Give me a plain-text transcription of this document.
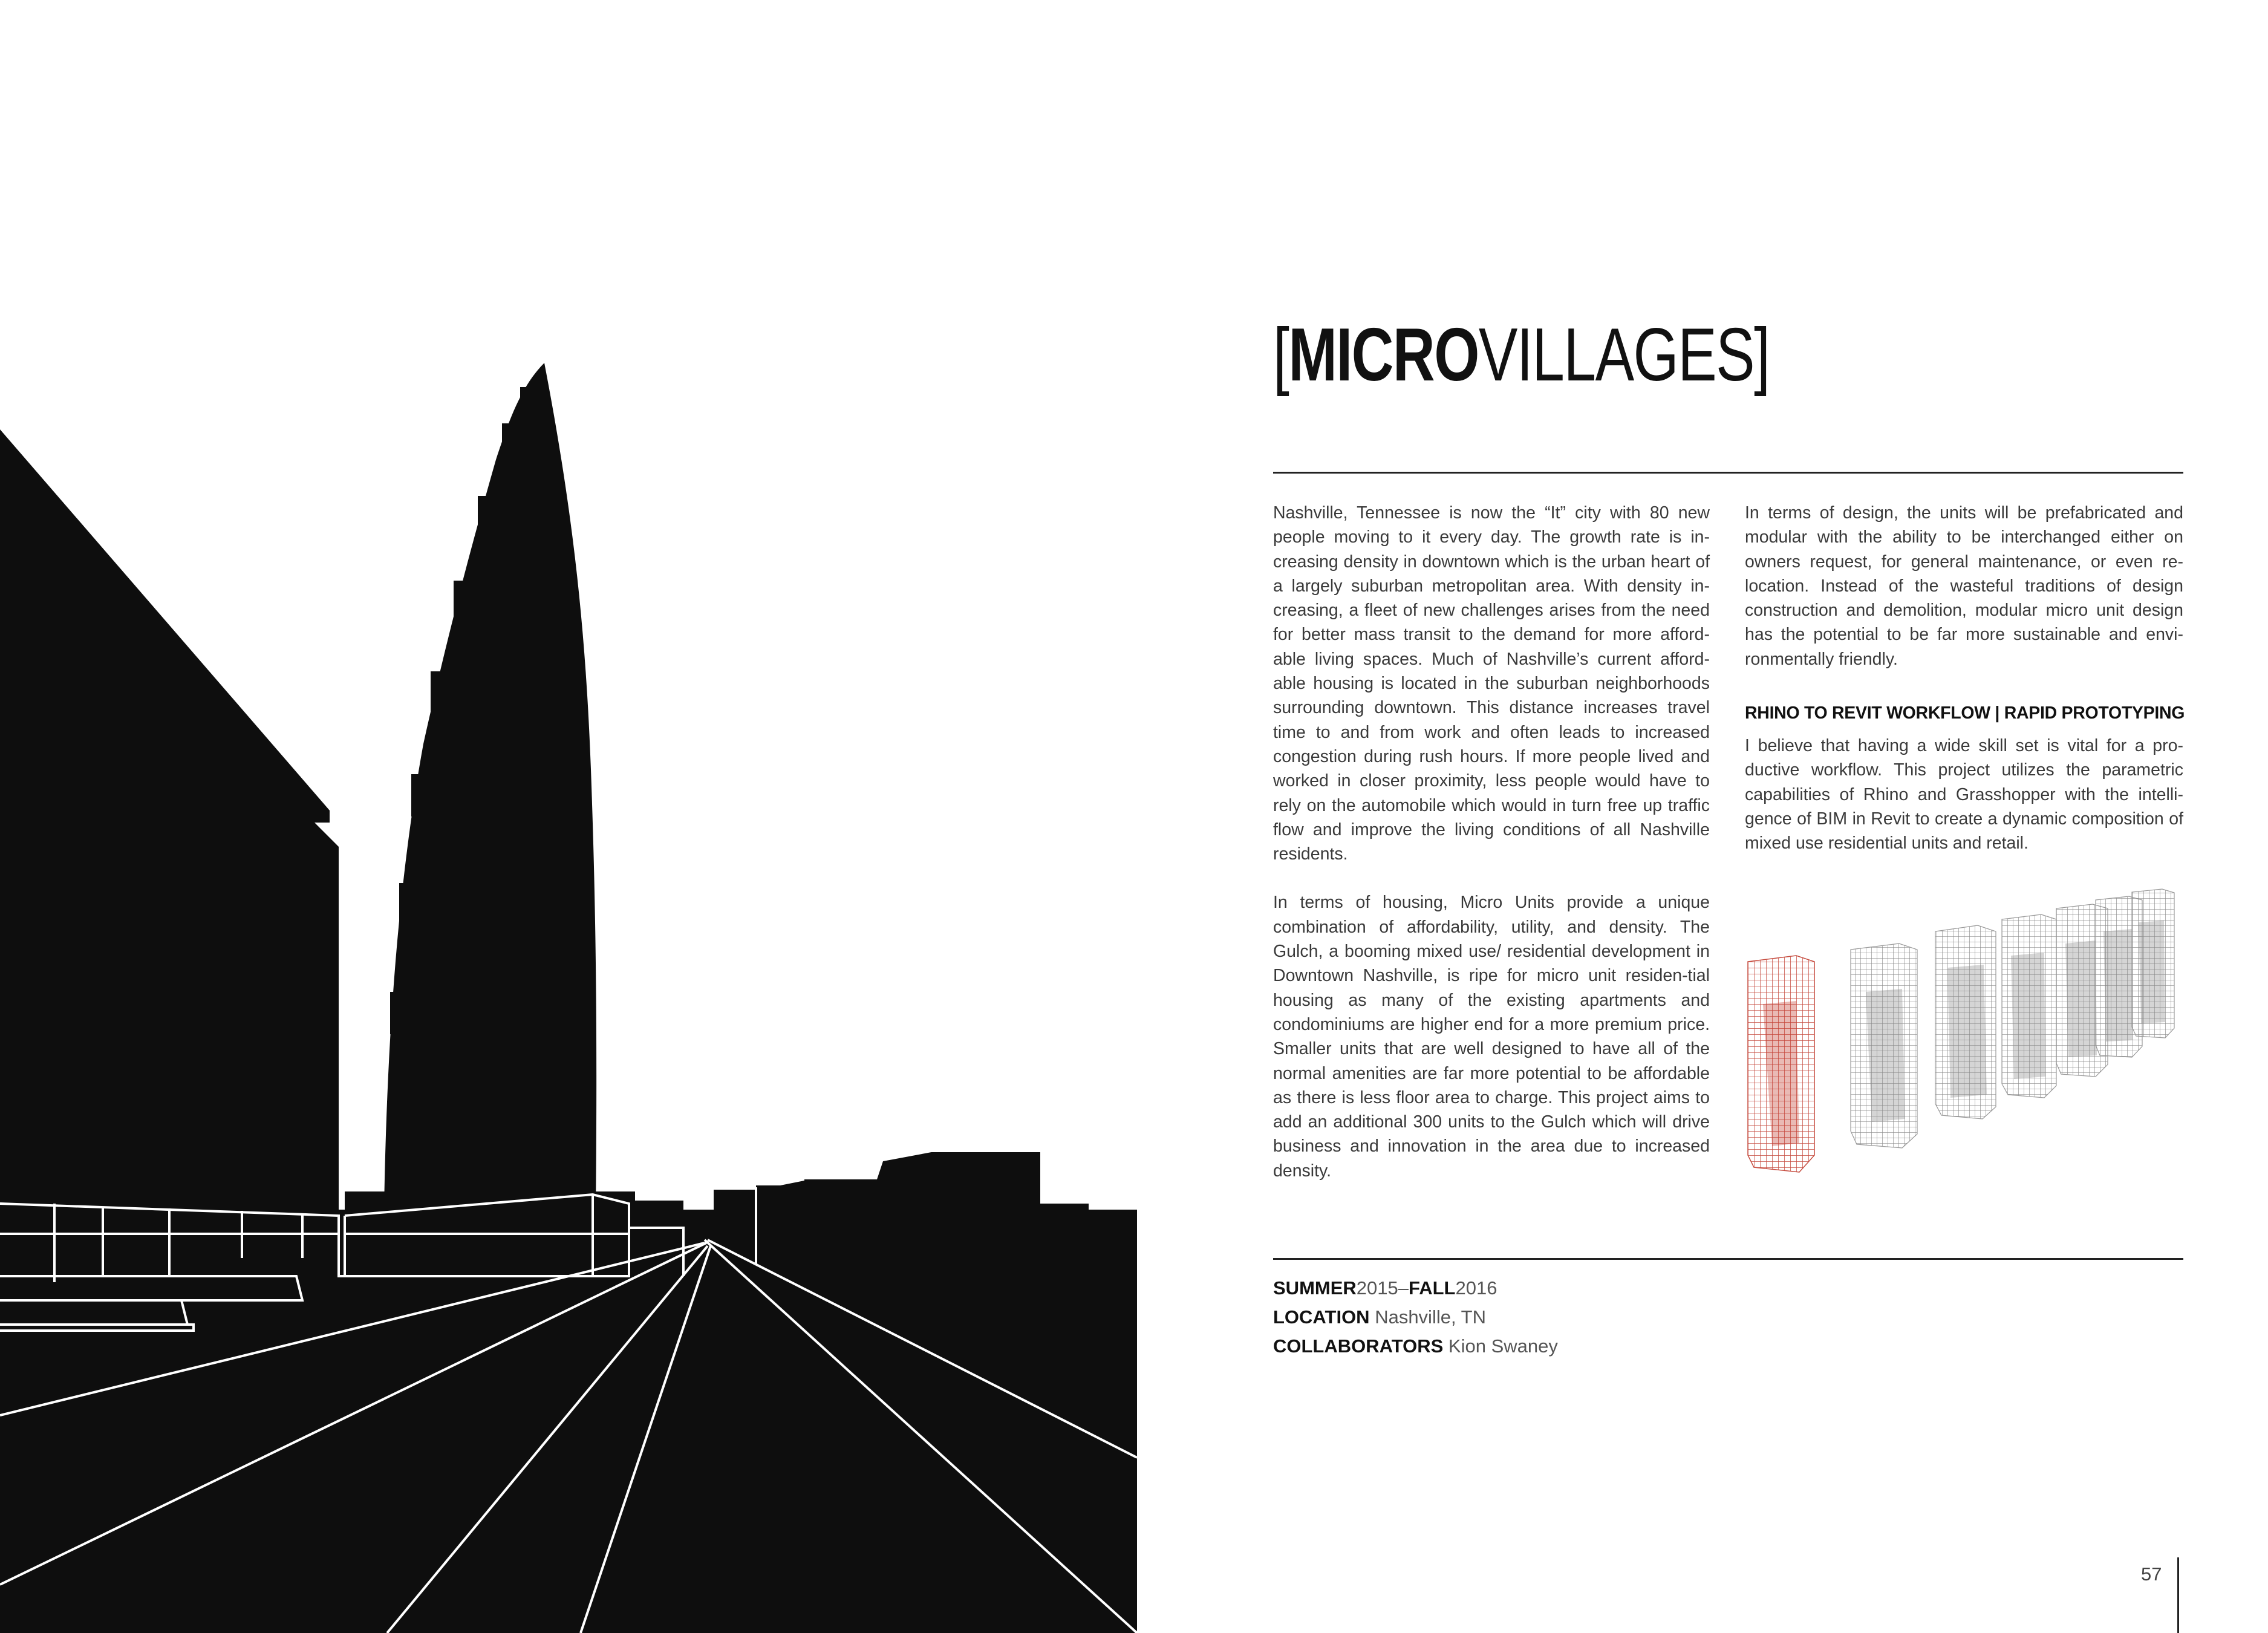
[MICROVILLAGES]

Nashville, Tennessee is now the “It” city with 80 new people moving to it every day. The growth rate is in-creasing density in downtown which is the urban heart of a largely suburban metropolitan area. With density in-creasing, a fleet of new challenges arises from the need for better mass transit to the demand for more afford-able living spaces. Much of Nashville’s current afford-able housing is located in the suburban neighborhoods surrounding downtown. This distance increases travel time to and from work and often leads to increased congestion during rush hours. If more people lived and worked in closer proximity, less people would have to rely on the automobile which would in turn free up traffic flow and improve the living conditions of all Nashville residents.

In terms of housing, Micro Units provide a unique combination of affordability, utility, and density. The Gulch, a booming mixed use/ residential development in Downtown Nashville, is ripe for micro unit residen-tial housing as many of the existing apartments and condominiums are higher end for a more premium price. Smaller units that are well designed to have all of the normal amenities are far more potential to be affordable as there is less floor area to charge. This project aims to add an additional 300 units to the Gulch which will drive business and innovation in the area due to increased density.

In terms of design, the units will be prefabricated and modular with the ability to be interchanged either on owners request, for general maintenance, or even re-location. Instead of the wasteful traditions of design construction and demolition, modular micro unit design has the potential to be far more sustainable and envi-ronmentally friendly.

RHINO TO REVIT WORKFLOW | RAPID PROTOTYPING

I believe that having a wide skill set is vital for a pro-ductive workflow. This project utilizes the parametric capabilities of Rhino and Grasshopper with the intelli-gence of BIM in Revit to create a dynamic composition of mixed use residential units and retail.

SUMMER2015–FALL2016
LOCATION Nashville, TN
COLLABORATORS Kion Swaney
57
